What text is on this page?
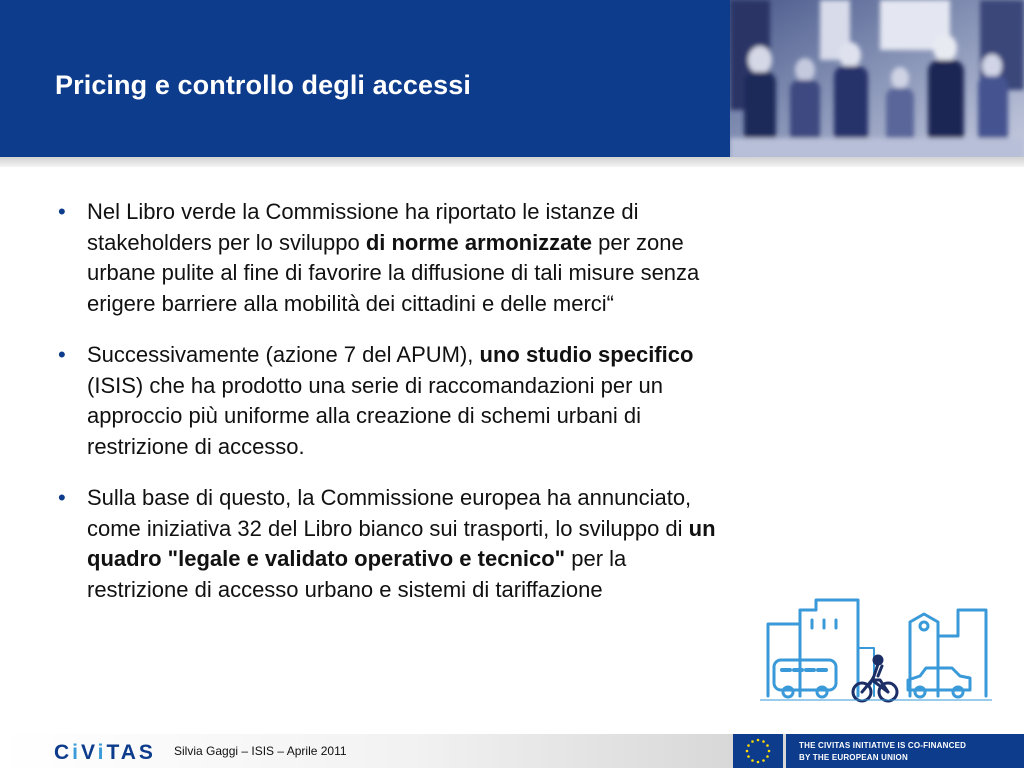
Pricing e controllo degli accessi
• Nel Libro verde la Commissione ha riportato le istanze di stakeholders per lo sviluppo di norme armonizzate per zone urbane pulite al fine di favorire la diffusione di tali misure senza erigere barriere alla mobilità dei cittadini e delle merci“
• Successivamente (azione 7 del APUM), uno studio specifico (ISIS) che ha prodotto una serie di raccomandazioni per un approccio più uniforme alla creazione di schemi urbani di restrizione di accesso.
• Sulla base di questo, la Commissione europea ha annunciato, come iniziativa 32 del Libro bianco sui trasporti, lo sviluppo di un quadro "legale e validato operativo e tecnico" per la restrizione di accesso urbano e sistemi di tariffazione
CiViTAS Silvia Gaggi – ISIS – Aprile 2011	THE CIVITAS INITIATIVE IS CO-FINANCED
BY THE EUROPEAN UNION
